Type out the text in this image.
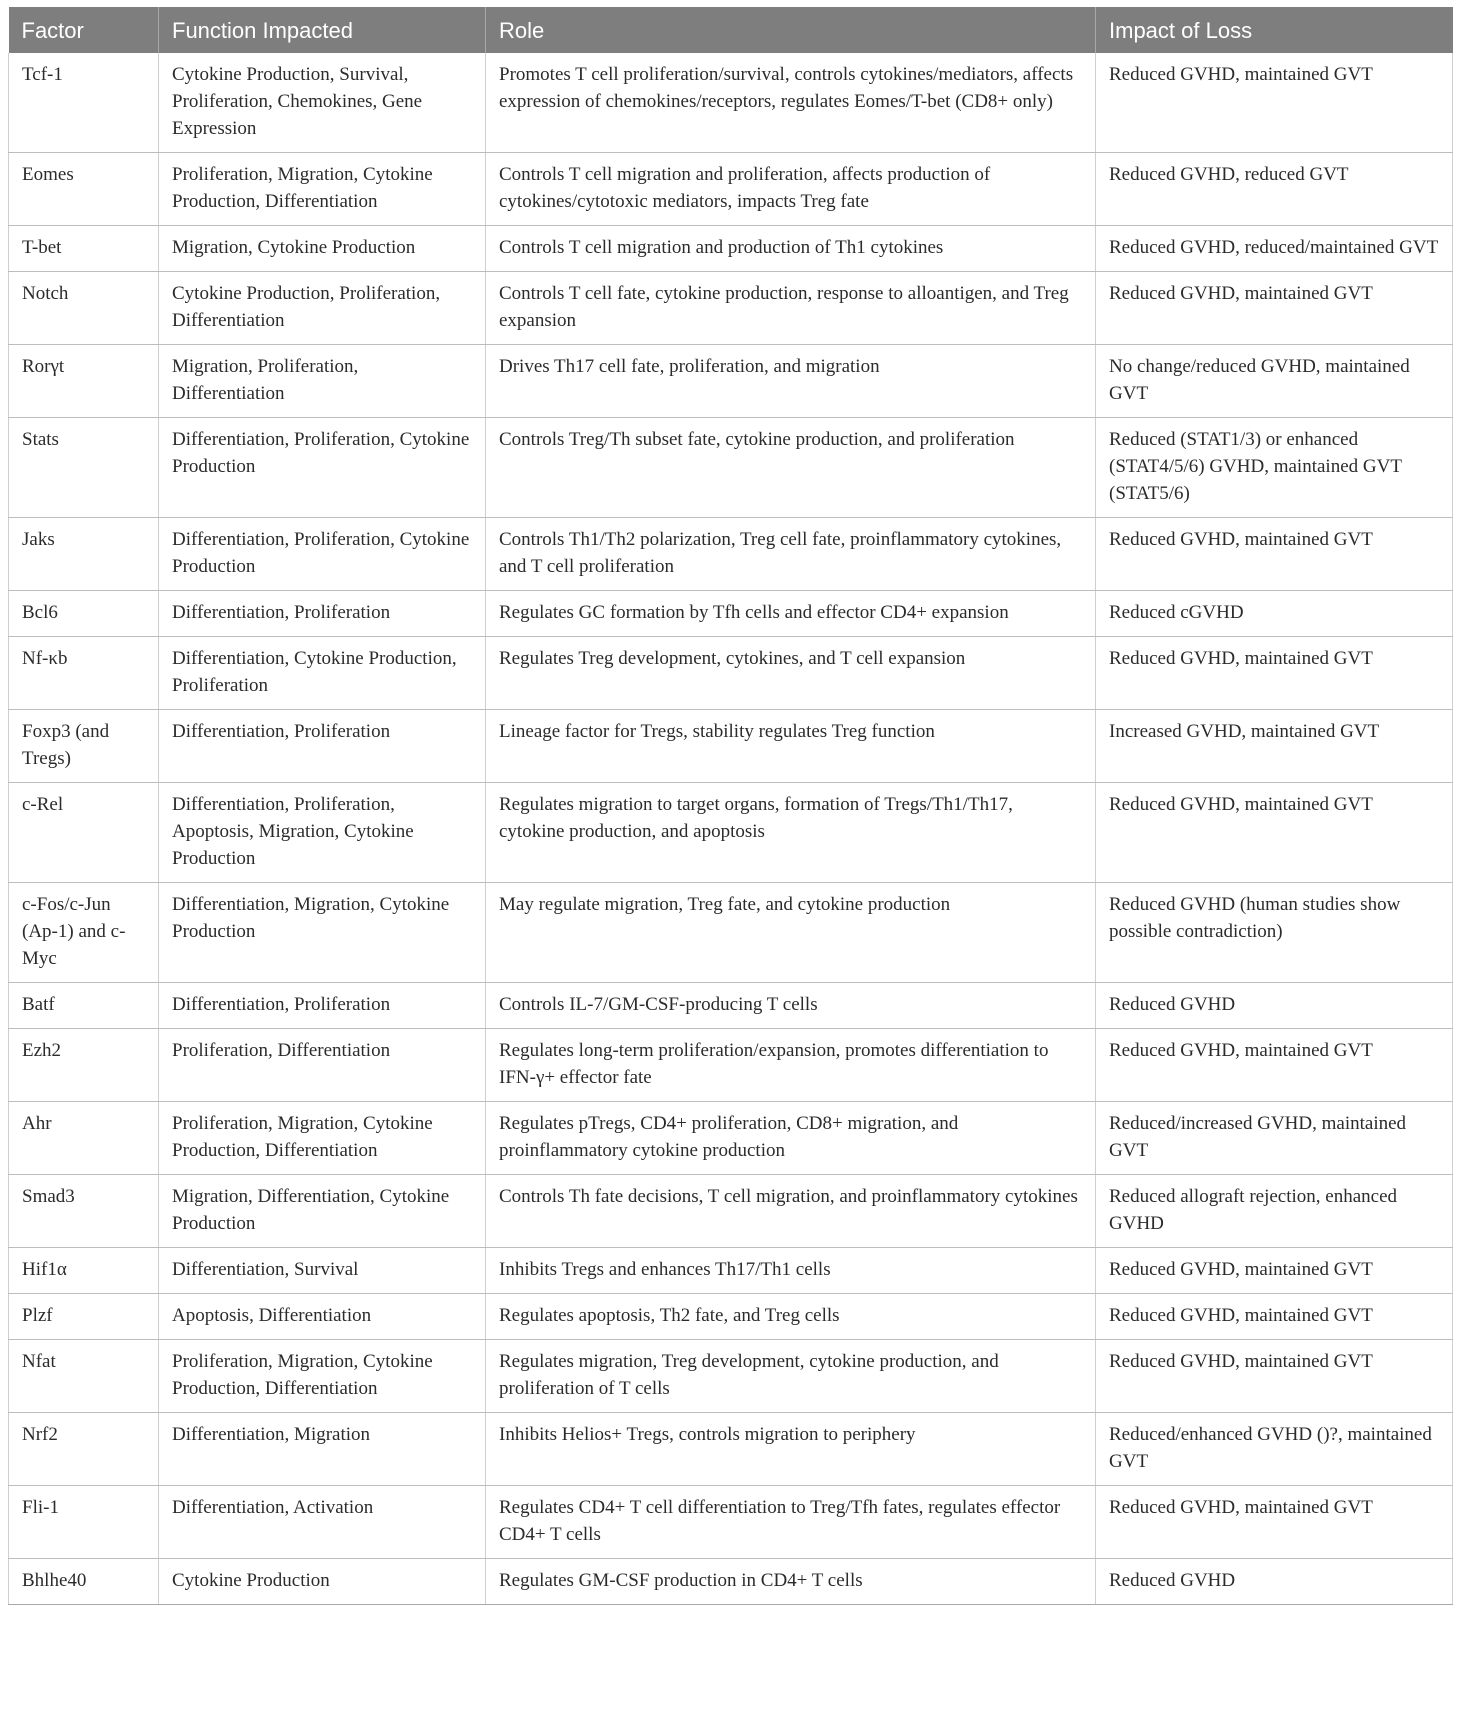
Factor	Function Impacted	Role	Impact of Loss
Tcf-1	Cytokine Production, Survival, Proliferation, Chemokines, Gene Expression	Promotes T cell proliferation/survival, controls cytokines/mediators, affects expression of chemokines/receptors, regulates Eomes/T-bet (CD8+ only)	Reduced GVHD, maintained GVT
Eomes	Proliferation, Migration, Cytokine Production, Differentiation	Controls T cell migration and proliferation, affects production of cytokines/cytotoxic mediators, impacts Treg fate	Reduced GVHD, reduced GVT
T-bet	Migration, Cytokine Production	Controls T cell migration and production of Th1 cytokines	Reduced GVHD, reduced/maintained GVT
Notch	Cytokine Production, Proliferation, Differentiation	Controls T cell fate, cytokine production, response to alloantigen, and Treg expansion	Reduced GVHD, maintained GVT
Rorγt	Migration, Proliferation, Differentiation	Drives Th17 cell fate, proliferation, and migration	No change/reduced GVHD, maintained GVT
Stats	Differentiation, Proliferation, Cytokine Production	Controls Treg/Th subset fate, cytokine production, and proliferation	Reduced (STAT1/3) or enhanced (STAT4/5/6) GVHD, maintained GVT (STAT5/6)
Jaks	Differentiation, Proliferation, Cytokine Production	Controls Th1/Th2 polarization, Treg cell fate, proinflammatory cytokines, and T cell proliferation	Reduced GVHD, maintained GVT
Bcl6	Differentiation, Proliferation	Regulates GC formation by Tfh cells and effector CD4+ expansion	Reduced cGVHD
Nf-κb	Differentiation, Cytokine Production, Proliferation	Regulates Treg development, cytokines, and T cell expansion	Reduced GVHD, maintained GVT
Foxp3 (and Tregs)	Differentiation, Proliferation	Lineage factor for Tregs, stability regulates Treg function	Increased GVHD, maintained GVT
c-Rel	Differentiation, Proliferation, Apoptosis, Migration, Cytokine Production	Regulates migration to target organs, formation of Tregs/Th1/Th17, cytokine production, and apoptosis	Reduced GVHD, maintained GVT
c-Fos/c-Jun (Ap-1) and c-Myc	Differentiation, Migration, Cytokine Production	May regulate migration, Treg fate, and cytokine production	Reduced GVHD (human studies show possible contradiction)
Batf	Differentiation, Proliferation	Controls IL-7/GM-CSF-producing T cells	Reduced GVHD
Ezh2	Proliferation, Differentiation	Regulates long-term proliferation/expansion, promotes differentiation to IFN-γ+ effector fate	Reduced GVHD, maintained GVT
Ahr	Proliferation, Migration, Cytokine Production, Differentiation	Regulates pTregs, CD4+ proliferation, CD8+ migration, and proinflammatory cytokine production	Reduced/increased GVHD, maintained GVT
Smad3	Migration, Differentiation, Cytokine Production	Controls Th fate decisions, T cell migration, and proinflammatory cytokines	Reduced allograft rejection, enhanced GVHD
Hif1α	Differentiation, Survival	Inhibits Tregs and enhances Th17/Th1 cells	Reduced GVHD, maintained GVT
Plzf	Apoptosis, Differentiation	Regulates apoptosis, Th2 fate, and Treg cells	Reduced GVHD, maintained GVT
Nfat	Proliferation, Migration, Cytokine Production, Differentiation	Regulates migration, Treg development, cytokine production, and proliferation of T cells	Reduced GVHD, maintained GVT
Nrf2	Differentiation, Migration	Inhibits Helios+ Tregs, controls migration to periphery	Reduced/enhanced GVHD ()?, maintained GVT
Fli-1	Differentiation, Activation	Regulates CD4+ T cell differentiation to Treg/Tfh fates, regulates effector CD4+ T cells	Reduced GVHD, maintained GVT
Bhlhe40	Cytokine Production	Regulates GM-CSF production in CD4+ T cells	Reduced GVHD
